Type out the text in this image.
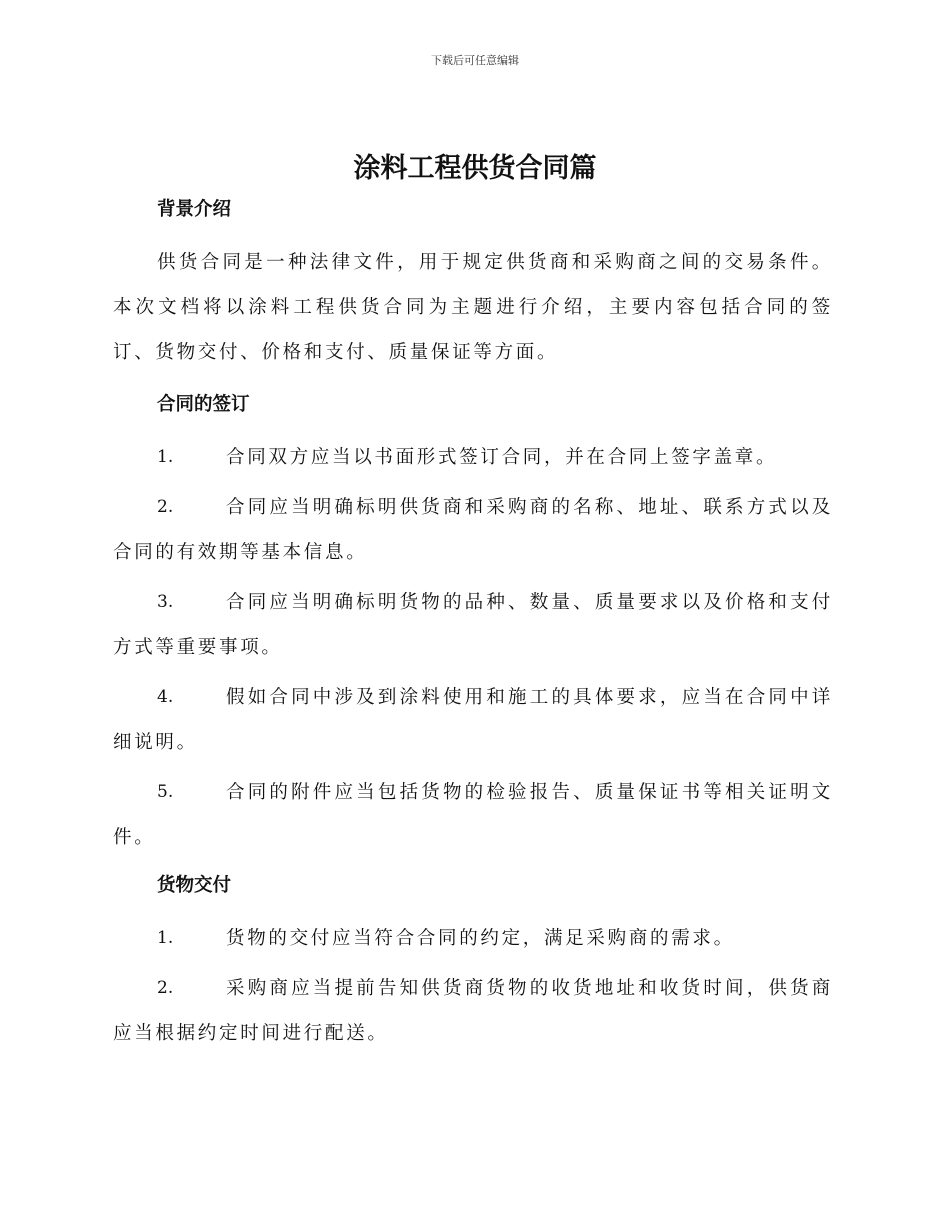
下载后可任意编辑
涂料工程供货合同篇
背景介绍
供货合同是一种法律文件，用于规定供货商和采购商之间的交易条件。本次文档将以涂料工程供货合同为主题进行介绍，主要内容包括合同的签订、货物交付、价格和支付、质量保证等方面。
合同的签订
1.	合同双方应当以书面形式签订合同，并在合同上签字盖章。
2.	合同应当明确标明供货商和采购商的名称、地址、联系方式以及合同的有效期等基本信息。
3.	合同应当明确标明货物的品种、数量、质量要求以及价格和支付方式等重要事项。
4.	假如合同中涉及到涂料使用和施工的具体要求，应当在合同中详细说明。
5.	合同的附件应当包括货物的检验报告、质量保证书等相关证明文件。
货物交付
1.	货物的交付应当符合合同的约定，满足采购商的需求。
2.	采购商应当提前告知供货商货物的收货地址和收货时间，供货商应当根据约定时间进行配送。
